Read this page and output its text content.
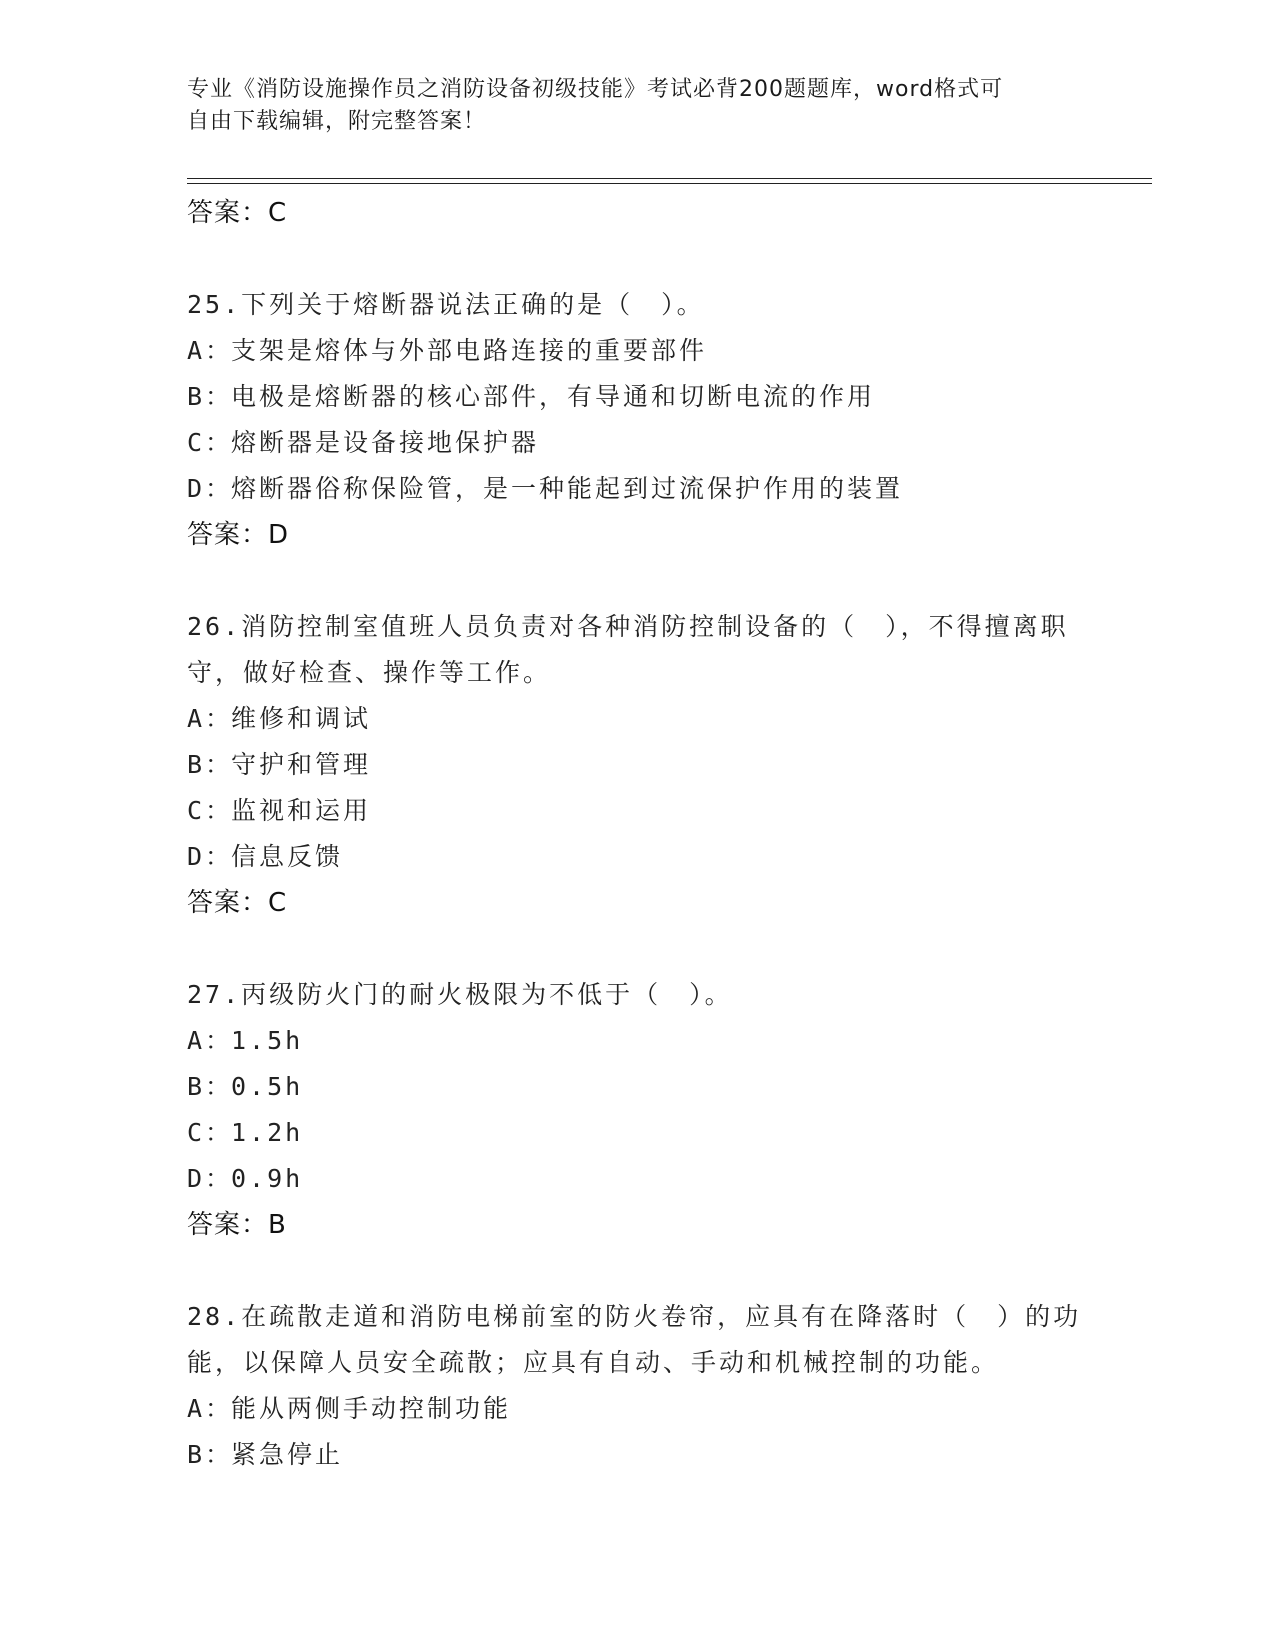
专业《消防设施操作员之消防设备初级技能》考试必背200题题库，word格式可
自由下载编辑，附完整答案！
答案：C
25.下列关于熔断器说法正确的是（　）。
A：支架是熔体与外部电路连接的重要部件
B：电极是熔断器的核心部件，有导通和切断电流的作用
C：熔断器是设备接地保护器
D：熔断器俗称保险管，是一种能起到过流保护作用的装置
答案：D
26.消防控制室值班人员负责对各种消防控制设备的（　），不得擅离职守，做好检查、操作等工作。
A：维修和调试
B：守护和管理
C：监视和运用
D：信息反馈
答案：C
27.丙级防火门的耐火极限为不低于（　）。
A：1.5h
B：0.5h
C：1.2h
D：0.9h
答案：B
28.在疏散走道和消防电梯前室的防火卷帘，应具有在降落时（　）的功能，以保障人员安全疏散；应具有自动、手动和机械控制的功能。
A：能从两侧手动控制功能
B：紧急停止
